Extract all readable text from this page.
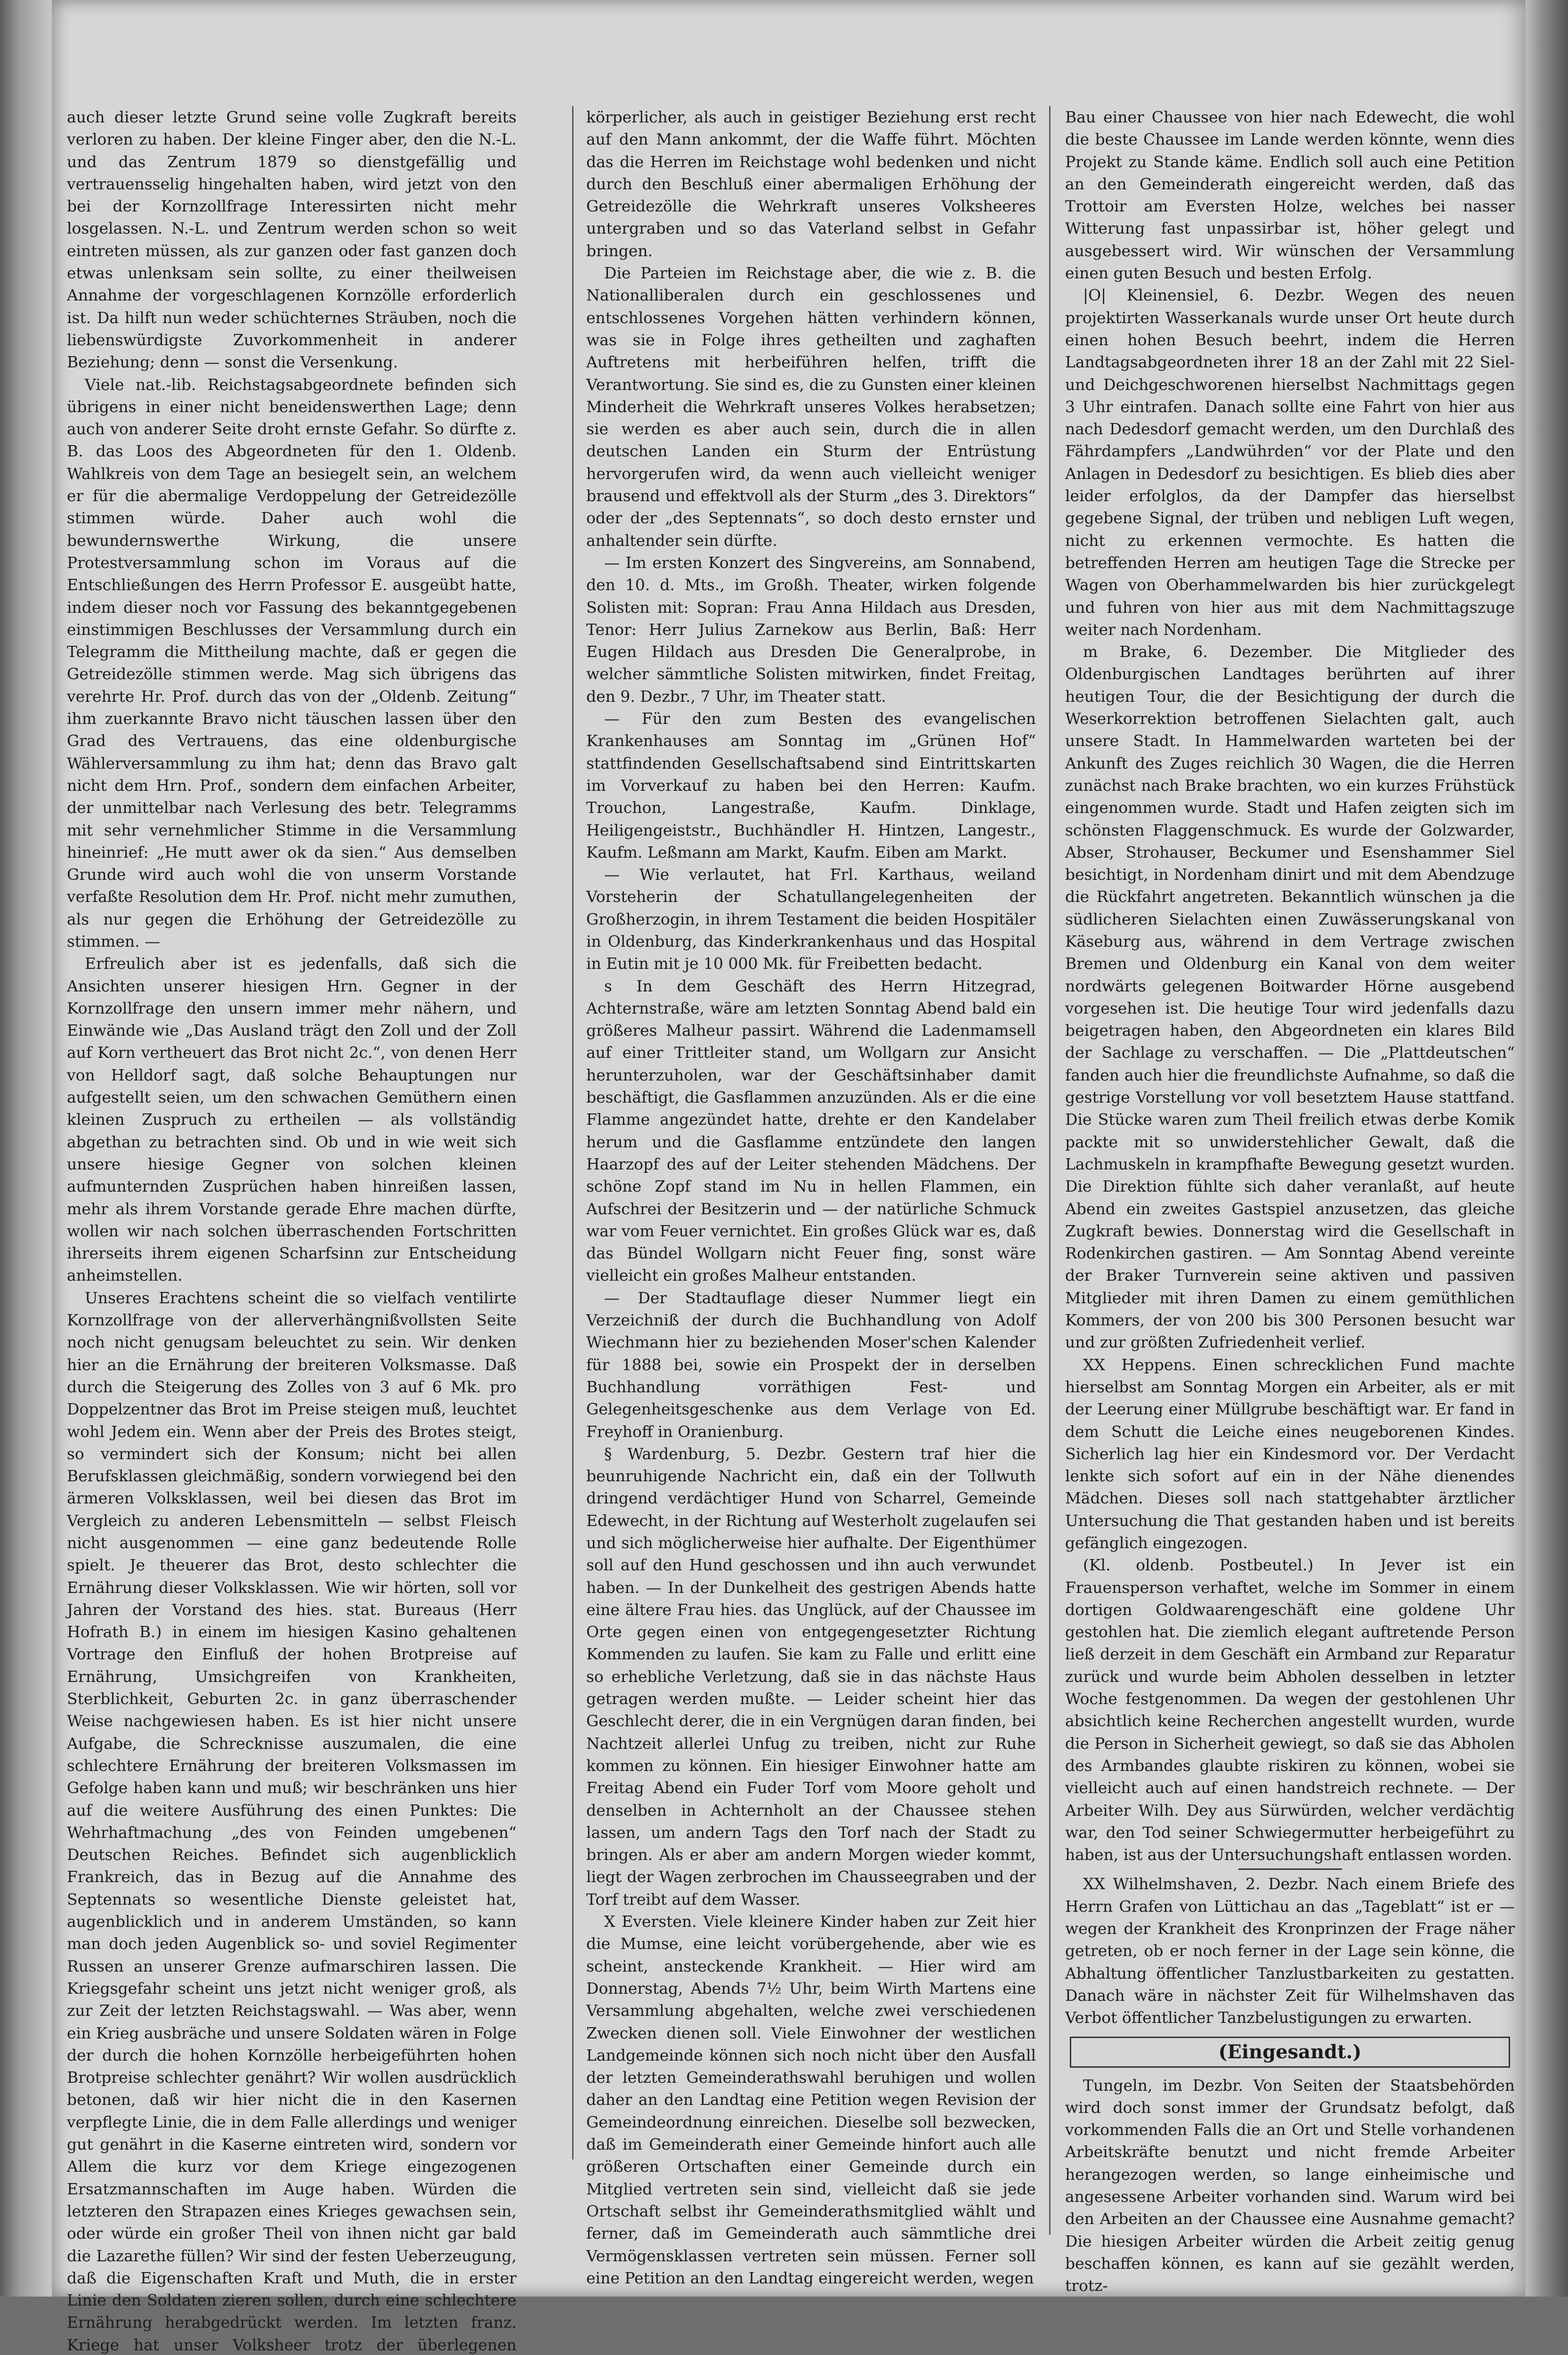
auch dieser letzte Grund seine volle Zugkraft bereits verloren zu haben. Der kleine Finger aber, den die N.-L. und das Zentrum 1879 so dienstgefällig und vertrauensselig hingehalten haben, wird jetzt von den bei der Kornzollfrage Interessirten nicht mehr losgelassen. N.-L. und Zentrum werden schon so weit eintreten müssen, als zur ganzen oder fast ganzen doch etwas unlenksam sein sollte, zu einer theilweisen Annahme der vorgeschlagenen Kornzölle erforderlich ist. Da hilft nun weder schüchternes Sträuben, noch die liebenswürdigste Zuvorkommenheit in anderer Beziehung; denn — sonst die Versenkung.

Viele nat.-lib. Reichstagsabgeordnete befinden sich übrigens in einer nicht beneidenswerthen Lage; denn auch von anderer Seite droht ernste Gefahr. So dürfte z. B. das Loos des Abgeordneten für den 1. Oldenb. Wahlkreis von dem Tage an besiegelt sein, an welchem er für die abermalige Verdoppelung der Getreidezölle stimmen würde. Daher auch wohl die bewundernswerthe Wirkung, die unsere Protestversammlung schon im Voraus auf die Entschließungen des Herrn Professor E. ausgeübt hatte, indem dieser noch vor Fassung des bekanntgegebenen einstimmigen Beschlusses der Versammlung durch ein Telegramm die Mittheilung machte, daß er gegen die Getreidezölle stimmen werde. Mag sich übrigens das verehrte Hr. Prof. durch das von der „Oldenb. Zeitung“ ihm zuerkannte Bravo nicht täuschen lassen über den Grad des Vertrauens, das eine oldenburgische Wählerversammlung zu ihm hat; denn das Bravo galt nicht dem Hrn. Prof., sondern dem einfachen Arbeiter, der unmittelbar nach Verlesung des betr. Telegramms mit sehr vernehmlicher Stimme in die Versammlung hineinrief: „He mutt awer ok da sien.“ Aus demselben Grunde wird auch wohl die von unserm Vorstande verfaßte Resolution dem Hr. Prof. nicht mehr zumuthen, als nur gegen die Erhöhung der Getreidezölle zu stimmen. —

Erfreulich aber ist es jedenfalls, daß sich die Ansichten unserer hiesigen Hrn. Gegner in der Kornzollfrage den unsern immer mehr nähern, und Einwände wie „Das Ausland trägt den Zoll und der Zoll auf Korn vertheuert das Brot nicht 2c.“, von denen Herr von Helldorf sagt, daß solche Behauptungen nur aufgestellt seien, um den schwachen Gemüthern einen kleinen Zuspruch zu ertheilen — als vollständig abgethan zu betrachten sind. Ob und in wie weit sich unsere hiesige Gegner von solchen kleinen aufmunternden Zusprüchen haben hinreißen lassen, mehr als ihrem Vorstande gerade Ehre machen dürfte, wollen wir nach solchen überraschenden Fortschritten ihrerseits ihrem eigenen Scharfsinn zur Entscheidung anheimstellen.

Unseres Erachtens scheint die so vielfach ventilirte Kornzollfrage von der allerverhängnißvollsten Seite noch nicht genugsam beleuchtet zu sein. Wir denken hier an die Ernährung der breiteren Volksmasse. Daß durch die Steigerung des Zolles von 3 auf 6 Mk. pro Doppelzentner das Brot im Preise steigen muß, leuchtet wohl Jedem ein. Wenn aber der Preis des Brotes steigt, so vermindert sich der Konsum; nicht bei allen Berufsklassen gleichmäßig, sondern vorwiegend bei den ärmeren Volksklassen, weil bei diesen das Brot im Vergleich zu anderen Lebensmitteln — selbst Fleisch nicht ausgenommen — eine ganz bedeutende Rolle spielt. Je theuerer das Brot, desto schlechter die Ernährung dieser Volksklassen. Wie wir hörten, soll vor Jahren der Vorstand des hies. stat. Bureaus (Herr Hofrath B.) in einem im hiesigen Kasino gehaltenen Vortrage den Einfluß der hohen Brotpreise auf Ernährung, Umsichgreifen von Krankheiten, Sterblichkeit, Geburten 2c. in ganz überraschender Weise nachgewiesen haben. Es ist hier nicht unsere Aufgabe, die Schrecknisse auszumalen, die eine schlechtere Ernährung der breiteren Volksmassen im Gefolge haben kann und muß; wir beschränken uns hier auf die weitere Ausführung des einen Punktes: Die Wehrhaftmachung „des von Feinden umgebenen“ Deutschen Reiches. Befindet sich augenblicklich Frankreich, das in Bezug auf die Annahme des Septennats so wesentliche Dienste geleistet hat, augenblicklich und in anderem Umständen, so kann man doch jeden Augenblick so- und soviel Regimenter Russen an unserer Grenze aufmarschiren lassen. Die Kriegsgefahr scheint uns jetzt nicht weniger groß, als zur Zeit der letzten Reichstagswahl. — Was aber, wenn ein Krieg ausbräche und unsere Soldaten wären in Folge der durch die hohen Kornzölle herbeigeführten hohen Brotpreise schlechter genährt? Wir wollen ausdrücklich betonen, daß wir hier nicht die in den Kasernen verpflegte Linie, die in dem Falle allerdings und weniger gut genährt in die Kaserne eintreten wird, sondern vor Allem die kurz vor dem Kriege eingezogenen Ersatzmannschaften im Auge haben. Würden die letzteren den Strapazen eines Krieges gewachsen sein, oder würde ein großer Theil von ihnen nicht gar bald die Lazarethe füllen? Wir sind der festen Ueberzeugung, daß die Eigenschaften Kraft und Muth, die in erster Linie den Soldaten zieren sollen, durch eine schlechtere Ernährung herabgedrückt werden. Im letzten franz. Kriege hat unser Volksheer trotz der überlegenen

körperlicher, als auch in geistiger Beziehung erst recht auf den Mann ankommt, der die Waffe führt. Möchten das die Herren im Reichstage wohl bedenken und nicht durch den Beschluß einer abermaligen Erhöhung der Getreidezölle die Wehrkraft unseres Volksheeres untergraben und so das Vaterland selbst in Gefahr bringen.

Die Parteien im Reichstage aber, die wie z. B. die Nationalliberalen durch ein geschlossenes und entschlossenes Vorgehen hätten verhindern können, was sie in Folge ihres getheilten und zaghaften Auftretens mit herbeiführen helfen, trifft die Verantwortung. Sie sind es, die zu Gunsten einer kleinen Minderheit die Wehrkraft unseres Volkes herabsetzen; sie werden es aber auch sein, durch die in allen deutschen Landen ein Sturm der Entrüstung hervorgerufen wird, da wenn auch vielleicht weniger brausend und effektvoll als der Sturm „des 3. Direktors“ oder der „des Septennats“, so doch desto ernster und anhaltender sein dürfte.

— Im ersten Konzert des Singvereins, am Sonnabend, den 10. d. Mts., im Großh. Theater, wirken folgende Solisten mit: Sopran: Frau Anna Hildach aus Dresden, Tenor: Herr Julius Zarnekow aus Berlin, Baß: Herr Eugen Hildach aus Dresden Die Generalprobe, in welcher sämmtliche Solisten mitwirken, findet Freitag, den 9. Dezbr., 7 Uhr, im Theater statt.

— Für den zum Besten des evangelischen Krankenhauses am Sonntag im „Grünen Hof“ stattfindenden Gesellschaftsabend sind Eintrittskarten im Vorverkauf zu haben bei den Herren: Kaufm. Trouchon, Langestraße, Kaufm. Dinklage, Heiligengeiststr., Buchhändler H. Hintzen, Langestr., Kaufm. Leßmann am Markt, Kaufm. Eiben am Markt.

— Wie verlautet, hat Frl. Karthaus, weiland Vorsteherin der Schatullangelegenheiten der Großherzogin, in ihrem Testament die beiden Hospitäler in Oldenburg, das Kinderkrankenhaus und das Hospital in Eutin mit je 10 000 Mk. für Freibetten bedacht.

s In dem Geschäft des Herrn Hitzegrad, Achternstraße, wäre am letzten Sonntag Abend bald ein größeres Malheur passirt. Während die Ladenmamsell auf einer Trittleiter stand, um Wollgarn zur Ansicht herunterzuholen, war der Geschäftsinhaber damit beschäftigt, die Gasflammen anzuzünden. Als er die eine Flamme angezündet hatte, drehte er den Kandelaber herum und die Gasflamme entzündete den langen Haarzopf des auf der Leiter stehenden Mädchens. Der schöne Zopf stand im Nu in hellen Flammen, ein Aufschrei der Besitzerin und — der natürliche Schmuck war vom Feuer vernichtet. Ein großes Glück war es, daß das Bündel Wollgarn nicht Feuer fing, sonst wäre vielleicht ein großes Malheur entstanden.

— Der Stadtauflage dieser Nummer liegt ein Verzeichniß der durch die Buchhandlung von Adolf Wiechmann hier zu beziehenden Moser'schen Kalender für 1888 bei, sowie ein Prospekt der in derselben Buchhandlung vorräthigen Fest- und Gelegenheitsgeschenke aus dem Verlage von Ed. Freyhoff in Oranienburg.

§ Wardenburg, 5. Dezbr. Gestern traf hier die beunruhigende Nachricht ein, daß ein der Tollwuth dringend verdächtiger Hund von Scharrel, Gemeinde Edewecht, in der Richtung auf Westerholt zugelaufen sei und sich möglicherweise hier aufhalte. Der Eigenthümer soll auf den Hund geschossen und ihn auch verwundet haben. — In der Dunkelheit des gestrigen Abends hatte eine ältere Frau hies. das Unglück, auf der Chaussee im Orte gegen einen von entgegengesetzter Richtung Kommenden zu laufen. Sie kam zu Falle und erlitt eine so erhebliche Verletzung, daß sie in das nächste Haus getragen werden mußte. — Leider scheint hier das Geschlecht derer, die in ein Vergnügen daran finden, bei Nachtzeit allerlei Unfug zu treiben, nicht zur Ruhe kommen zu können. Ein hiesiger Einwohner hatte am Freitag Abend ein Fuder Torf vom Moore geholt und denselben in Achternholt an der Chaussee stehen lassen, um andern Tags den Torf nach der Stadt zu bringen. Als er aber am andern Morgen wieder kommt, liegt der Wagen zerbrochen im Chausseegraben und der Torf treibt auf dem Wasser.

X Eversten. Viele kleinere Kinder haben zur Zeit hier die Mumse, eine leicht vorübergehende, aber wie es scheint, ansteckende Krankheit. — Hier wird am Donnerstag, Abends 7½ Uhr, beim Wirth Martens eine Versammlung abgehalten, welche zwei verschiedenen Zwecken dienen soll. Viele Einwohner der westlichen Landgemeinde können sich noch nicht über den Ausfall der letzten Gemeinderathswahl beruhigen und wollen daher an den Landtag eine Petition wegen Revision der Gemeindeordnung einreichen. Dieselbe soll bezwecken, daß im Gemeinderath einer Gemeinde hinfort auch alle größeren Ortschaften einer Gemeinde durch ein Mitglied vertreten sein sind, vielleicht daß sie jede Ortschaft selbst ihr Gemeinderathsmitglied wählt und ferner, daß im Gemeinderath auch sämmtliche drei Vermögensklassen vertreten sein müssen. Ferner soll eine Petition an den Landtag eingereicht werden, wegen

Bau einer Chaussee von hier nach Edewecht, die wohl die beste Chaussee im Lande werden könnte, wenn dies Projekt zu Stande käme. Endlich soll auch eine Petition an den Gemeinderath eingereicht werden, daß das Trottoir am Eversten Holze, welches bei nasser Witterung fast unpassirbar ist, höher gelegt und ausgebessert wird. Wir wünschen der Versammlung einen guten Besuch und besten Erfolg.

|O| Kleinensiel, 6. Dezbr. Wegen des neuen projektirten Wasserkanals wurde unser Ort heute durch einen hohen Besuch beehrt, indem die Herren Landtagsabgeordneten ihrer 18 an der Zahl mit 22 Siel- und Deichgeschworenen hierselbst Nachmittags gegen 3 Uhr eintrafen. Danach sollte eine Fahrt von hier aus nach Dedesdorf gemacht werden, um den Durchlaß des Fährdampfers „Landwührden“ vor der Plate und den Anlagen in Dedesdorf zu besichtigen. Es blieb dies aber leider erfolglos, da der Dampfer das hierselbst gegebene Signal, der trüben und nebligen Luft wegen, nicht zu erkennen vermochte. Es hatten die betreffenden Herren am heutigen Tage die Strecke per Wagen von Oberhammelwarden bis hier zurückgelegt und fuhren von hier aus mit dem Nachmittagszuge weiter nach Nordenham.

m Brake, 6. Dezember. Die Mitglieder des Oldenburgischen Landtages berührten auf ihrer heutigen Tour, die der Besichtigung der durch die Weserkorrektion betroffenen Sielachten galt, auch unsere Stadt. In Hammelwarden warteten bei der Ankunft des Zuges reichlich 30 Wagen, die die Herren zunächst nach Brake brachten, wo ein kurzes Frühstück eingenommen wurde. Stadt und Hafen zeigten sich im schönsten Flaggenschmuck. Es wurde der Golzwarder, Abser, Strohauser, Beckumer und Esenshammer Siel besichtigt, in Nordenham dinirt und mit dem Abendzuge die Rückfahrt angetreten. Bekanntlich wünschen ja die südlicheren Sielachten einen Zuwässerungskanal von Käseburg aus, während in dem Vertrage zwischen Bremen und Oldenburg ein Kanal von dem weiter nordwärts gelegenen Boitwarder Hörne ausgebend vorgesehen ist. Die heutige Tour wird jedenfalls dazu beigetragen haben, den Abgeordneten ein klares Bild der Sachlage zu verschaffen. — Die „Plattdeutschen“ fanden auch hier die freundlichste Aufnahme, so daß die gestrige Vorstellung vor voll besetztem Hause stattfand. Die Stücke waren zum Theil freilich etwas derbe Komik packte mit so unwiderstehlicher Gewalt, daß die Lachmuskeln in krampfhafte Bewegung gesetzt wurden. Die Direktion fühlte sich daher veranlaßt, auf heute Abend ein zweites Gastspiel anzusetzen, das gleiche Zugkraft bewies. Donnerstag wird die Gesellschaft in Rodenkirchen gastiren. — Am Sonntag Abend vereinte der Braker Turnverein seine aktiven und passiven Mitglieder mit ihren Damen zu einem gemüthlichen Kommers, der von 200 bis 300 Personen besucht war und zur größten Zufriedenheit verlief.

XX Heppens. Einen schrecklichen Fund machte hierselbst am Sonntag Morgen ein Arbeiter, als er mit der Leerung einer Müllgrube beschäftigt war. Er fand in dem Schutt die Leiche eines neugeborenen Kindes. Sicherlich lag hier ein Kindesmord vor. Der Verdacht lenkte sich sofort auf ein in der Nähe dienendes Mädchen. Dieses soll nach stattgehabter ärztlicher Untersuchung die That gestanden haben und ist bereits gefänglich eingezogen.

(Kl. oldenb. Postbeutel.) In Jever ist ein Frauensperson verhaftet, welche im Sommer in einem dortigen Goldwaarengeschäft eine goldene Uhr gestohlen hat. Die ziemlich elegant auftretende Person ließ derzeit in dem Geschäft ein Armband zur Reparatur zurück und wurde beim Abholen desselben in letzter Woche festgenommen. Da wegen der gestohlenen Uhr absichtlich keine Recherchen angestellt wurden, wurde die Person in Sicherheit gewiegt, so daß sie das Abholen des Armbandes glaubte riskiren zu können, wobei sie vielleicht auch auf einen handstreich rechnete. — Der Arbeiter Wilh. Dey aus Sürwürden, welcher verdächtig war, den Tod seiner Schwiegermutter herbeigeführt zu haben, ist aus der Untersuchungshaft entlassen worden.

XX Wilhelmshaven, 2. Dezbr. Nach einem Briefe des Herrn Grafen von Lüttichau an das „Tageblatt“ ist er — wegen der Krankheit des Kronprinzen der Frage näher getreten, ob er noch ferner in der Lage sein könne, die Abhaltung öffentlicher Tanzlustbarkeiten zu gestatten. Danach wäre in nächster Zeit für Wilhelmshaven das Verbot öffentlicher Tanzbelustigungen zu erwarten.

(Eingesandt.)

Tungeln, im Dezbr. Von Seiten der Staatsbehörden wird doch sonst immer der Grundsatz befolgt, daß vorkommenden Falls die an Ort und Stelle vorhandenen Arbeitskräfte benutzt und nicht fremde Arbeiter herangezogen werden, so lange einheimische und angesessene Arbeiter vorhanden sind. Warum wird bei den Arbeiten an der Chaussee eine Ausnahme gemacht? Die hiesigen Arbeiter würden die Arbeit zeitig genug beschaffen können, es kann auf sie gezählt werden, trotz-
